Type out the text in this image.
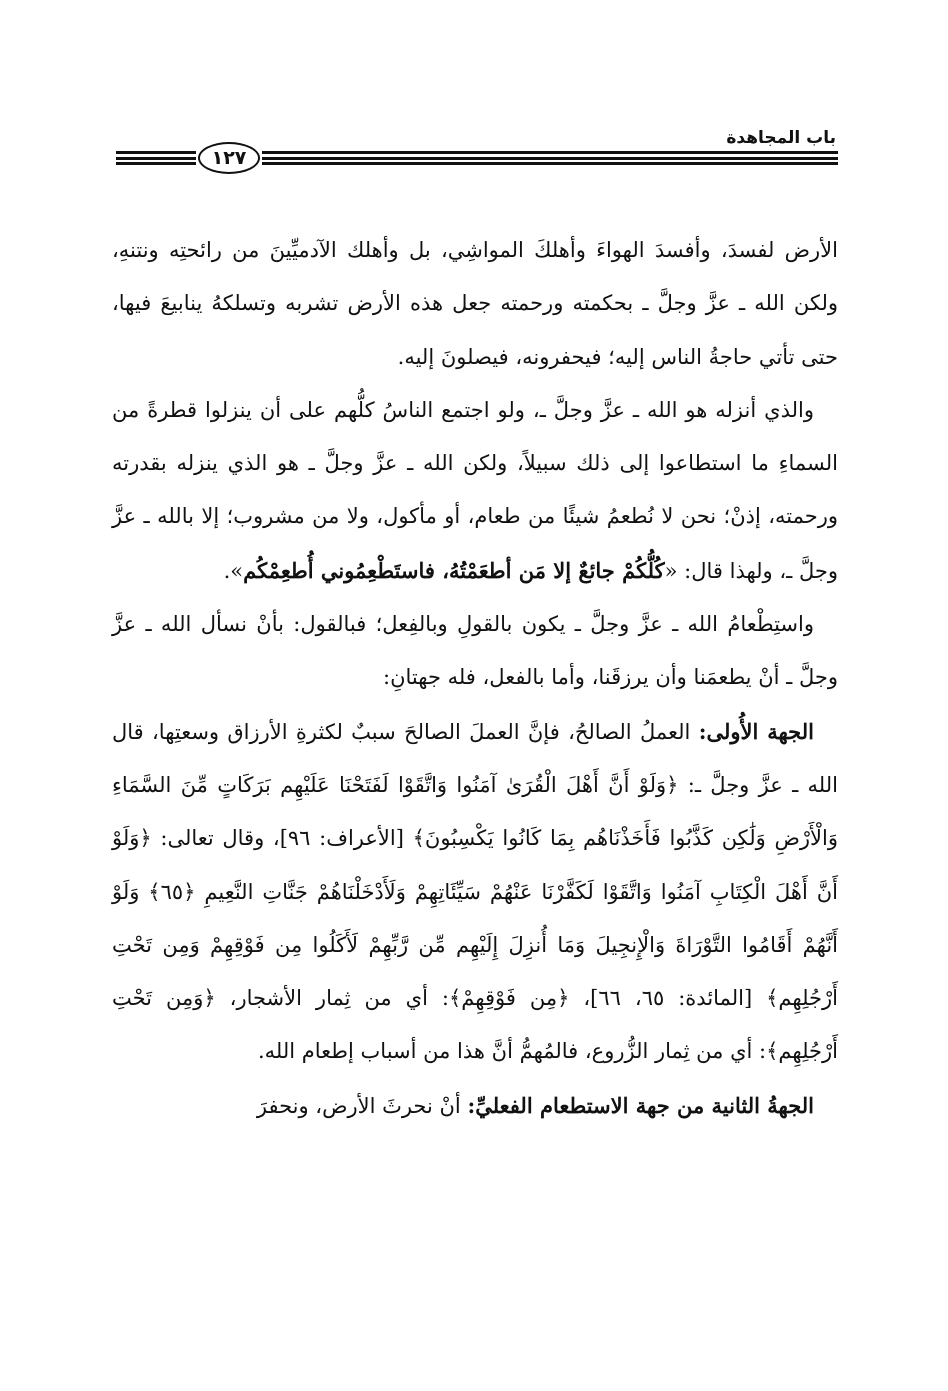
باب المجاهدة
١٢٧

الأرض لفسدَ، وأفسدَ الهواءَ وأهلكَ المواشِي، بل وأهلك الآدميِّينَ من رائحتِه ونتنهِ، ولكن الله ـ عزَّ وجلَّ ـ بحكمته ورحمته جعل هذه الأرض تشربه وتسلكهُ ينابيعَ فيها، حتى تأتي حاجةُ الناس إليه؛ فيحفرونه، فيصلونَ إليه.

والذي أنزله هو الله ـ عزَّ وجلَّ ـ، ولو اجتمع الناسُ كلُّهم على أن ينزلوا قطرةً من السماءِ ما استطاعوا إلى ذلك سبيلاً، ولكن الله ـ عزَّ وجلَّ ـ هو الذي ينزله بقدرته ورحمته، إذنْ؛ نحن لا نُطعمُ شيئًا من طعام، أو مأكول، ولا من مشروب؛ إلا بالله ـ عزَّ وجلَّ ـ، ولهذا قال: «كُلُّكُمْ جائعٌ إلا مَن أطعَمْتُهُ، فاستَطْعِمُوني أُطعِمْكُم».

واستِطْعامُ الله ـ عزَّ وجلَّ ـ يكون بالقولِ وبالفِعل؛ فبالقول: بأنْ نسأل الله ـ عزَّ وجلَّ ـ أنْ يطعمَنا وأن يرزقَنا، وأما بالفعل، فله جهتانِ:

الجهة الأُولى: العملُ الصالحُ، فإنَّ العملَ الصالحَ سببٌ لكثرةِ الأرزاق وسعتِها، قال الله ـ عزَّ وجلَّ ـ: ﴿وَلَوْ أَنَّ أَهْلَ الْقُرَىٰ آمَنُوا وَاتَّقَوْا لَفَتَحْنَا عَلَيْهِم بَرَكَاتٍ مِّنَ السَّمَاءِ وَالْأَرْضِ وَلَٰكِن كَذَّبُوا فَأَخَذْنَاهُم بِمَا كَانُوا يَكْسِبُونَ﴾ [الأعراف: ٩٦]، وقال تعالى: ﴿وَلَوْ أَنَّ أَهْلَ الْكِتَابِ آمَنُوا وَاتَّقَوْا لَكَفَّرْنَا عَنْهُمْ سَيِّئَاتِهِمْ وَلَأَدْخَلْنَاهُمْ جَنَّاتِ النَّعِيمِ ﴿٦٥﴾ وَلَوْ أَنَّهُمْ أَقَامُوا التَّوْرَاةَ وَالْإِنجِيلَ وَمَا أُنزِلَ إِلَيْهِم مِّن رَّبِّهِمْ لَأَكَلُوا مِن فَوْقِهِمْ وَمِن تَحْتِ أَرْجُلِهِم﴾ [المائدة: ٦٥، ٦٦]، ﴿مِن فَوْقِهِمْ﴾: أي من ثِمار الأشجار، ﴿وَمِن تَحْتِ أَرْجُلِهِم﴾: أي من ثِمار الزُّروع، فالمُهمُّ أنَّ هذا من أسباب إطعام الله.

الجهةُ الثانية من جهة الاستطعام الفعليِّ: أنْ نحرثَ الأرض، ونحفرَ
